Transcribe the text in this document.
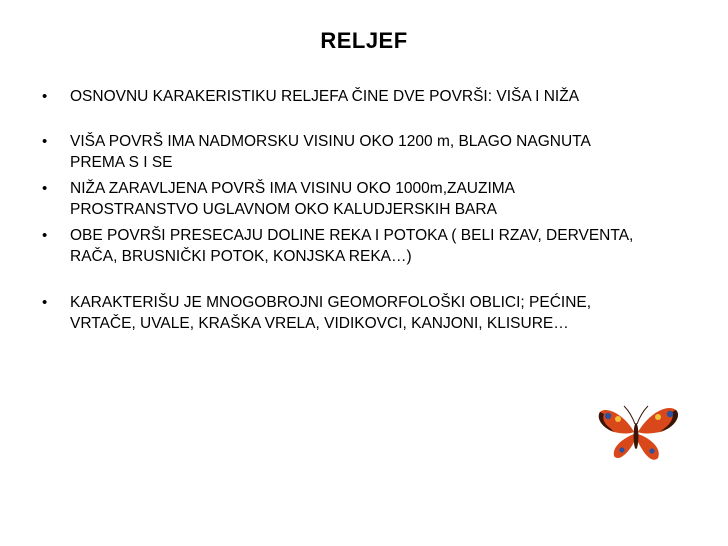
RELJEF
• OSNOVNU KARAKERISTIKU RELJEFA ČINE DVE POVRŠI: VIŠA I NIŽA
• VIŠA POVRŠ IMA NADMORSKU VISINU OKO 1200 m, BLAGO NAGNUTA
PREMA S I SE
• NIŽA ZARAVLJENA POVRŠ IMA VISINU OKO 1000m,ZAUZIMA
PROSTRANSTVO UGLAVNOM OKO KALUDJERSKIH BARA
• OBE POVRŠI PRESECAJU DOLINE REKA I POTOKA ( BELI RZAV, DERVENTA,
RAČA, BRUSNIČKI POTOK, KONJSKA REKA…)
• KARAKTERIŠU JE MNOGOBROJNI GEOMORFOLOŠKI OBLICI; PEĆINE,
VRTAČE, UVALE, KRAŠKA VRELA, VIDIKOVCI, KANJONI, KLISURE…
